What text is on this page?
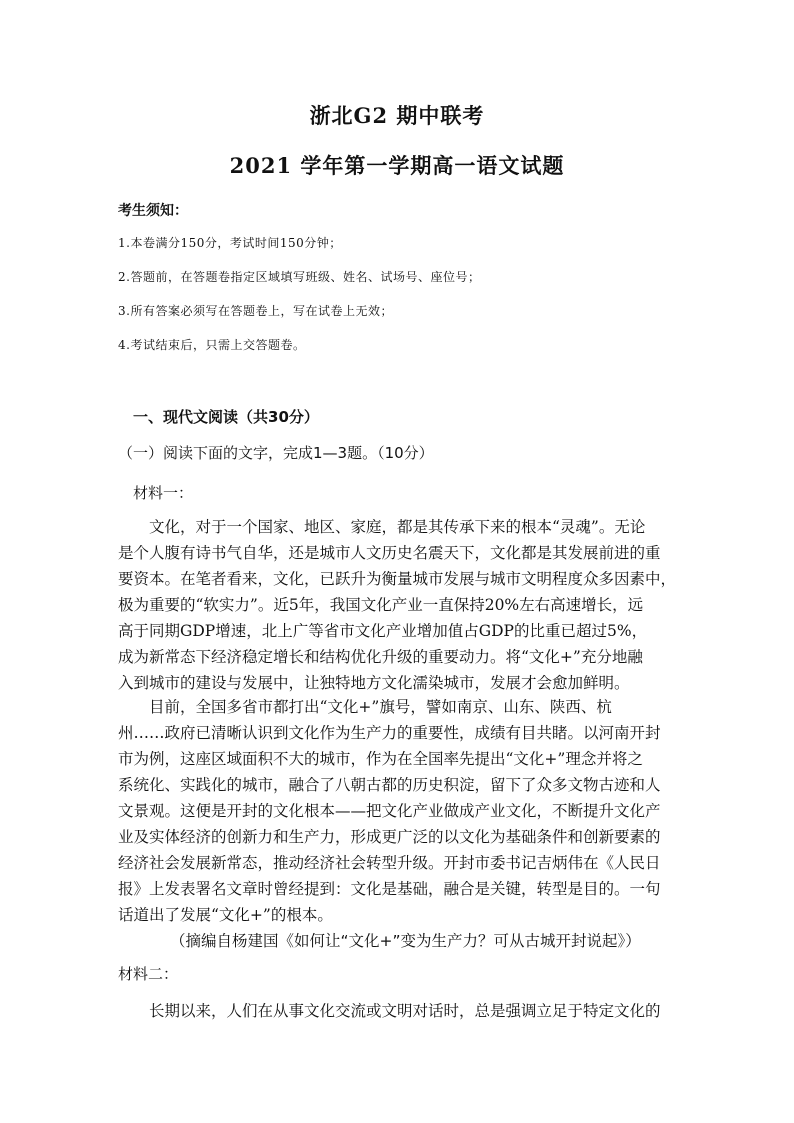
浙北G2 期中联考
2021 学年第一学期高一语文试题
考生须知：
1.本卷满分150分，考试时间150分钟；
2.答题前，在答题卷指定区域填写班级、姓名、试场号、座位号；
3.所有答案必须写在答题卷上，写在试卷上无效；
4.考试结束后，只需上交答题卷。
一、现代文阅读（共30分）
（一）阅读下面的文字，完成1—3题。（10分）
材料一：
文化，对于一个国家、地区、家庭，都是其传承下来的根本“灵魂”。无论
是个人腹有诗书气自华，还是城市人文历史名震天下，文化都是其发展前进的重
要资本。在笔者看来，文化，已跃升为衡量城市发展与城市文明程度众多因素中，
极为重要的“软实力”。近5年，我国文化产业一直保持20%左右高速增长，远
高于同期GDP增速，北上广等省市文化产业增加值占GDP的比重已超过5%，
成为新常态下经济稳定增长和结构优化升级的重要动力。将“文化+”充分地融
入到城市的建设与发展中，让独特地方文化濡染城市，发展才会愈加鲜明。
目前，全国多省市都打出“文化+”旗号，譬如南京、山东、陕西、杭
州……政府已清晰认识到文化作为生产力的重要性，成绩有目共睹。以河南开封
市为例，这座区域面积不大的城市，作为在全国率先提出“文化+”理念并将之
系统化、实践化的城市，融合了八朝古都的历史积淀，留下了众多文物古迹和人
文景观。这便是开封的文化根本——把文化产业做成产业文化，不断提升文化产
业及实体经济的创新力和生产力，形成更广泛的以文化为基础条件和创新要素的
经济社会发展新常态，推动经济社会转型升级。开封市委书记吉炳伟在《人民日
报》上发表署名文章时曾经提到：文化是基础，融合是关键，转型是目的。一句
话道出了发展“文化+”的根本。
（摘编自杨建国《如何让“文化+”变为生产力？可从古城开封说起》）
材料二：
长期以来，人们在从事文化交流或文明对话时，总是强调立足于特定文化的
